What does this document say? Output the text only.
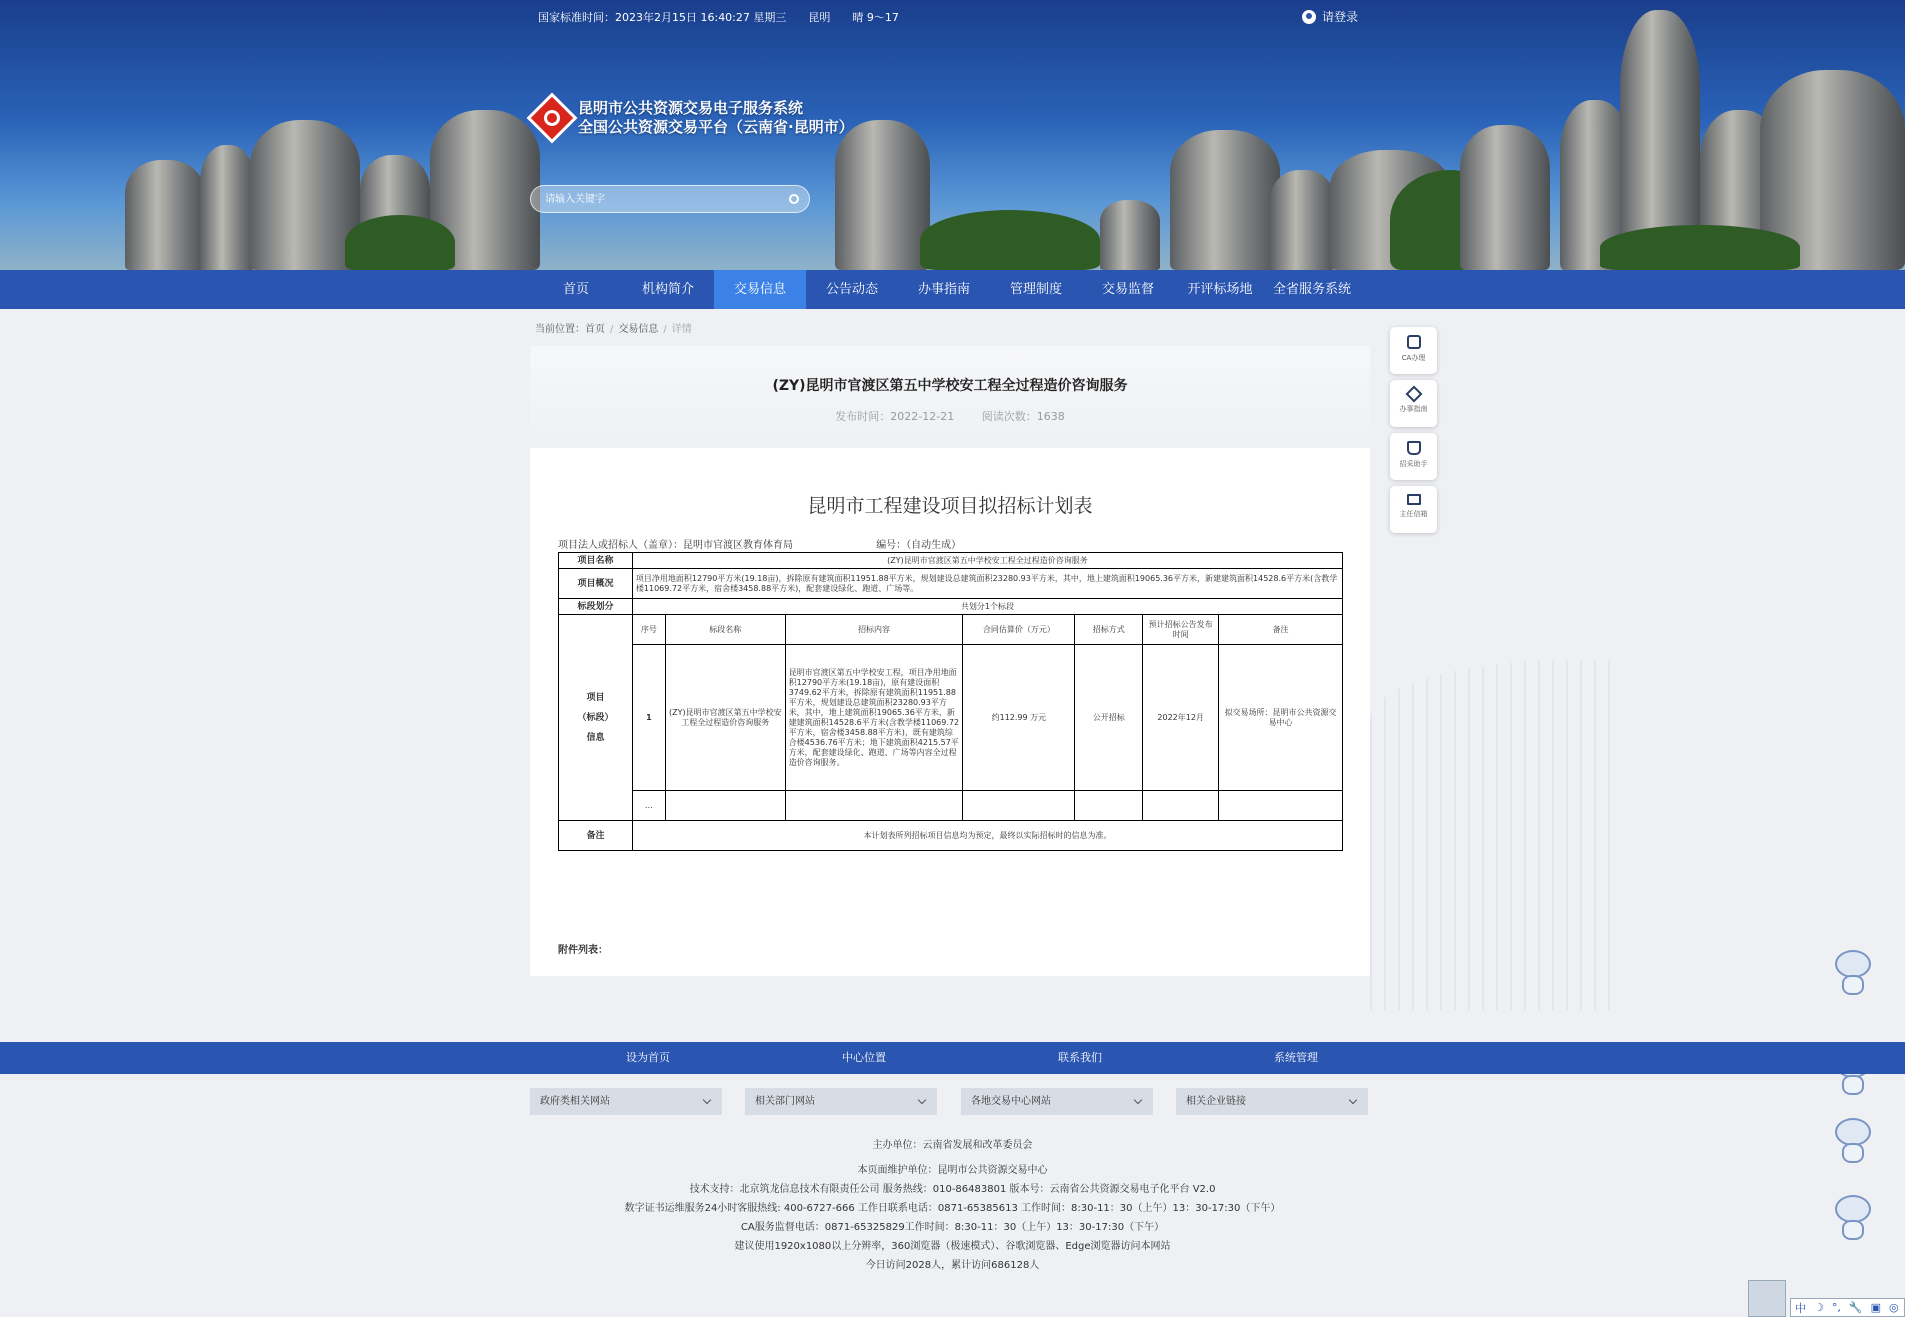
国家标准时间：2023年2月15日 16:40:27 星期三 昆明 晴 9～17	请登录
昆明市公共资源交易电子服务系统
全国公共资源交易平台（云南省·昆明市）
请输入关键字
首页	机构简介	交易信息	公告动态	办事指南	管理制度	交易监督	开评标场地	全省服务系统
当前位置：首页 / 交易信息 / 详情
(ZY)昆明市官渡区第五中学校安工程全过程造价咨询服务
发布时间：2022-12-21	阅读次数：1638
昆明市工程建设项目拟招标计划表
项目法人或招标人（盖章）：昆明市官渡区教育体育局	编号：（自动生成）
项目名称	(ZY)昆明市官渡区第五中学校安工程全过程造价咨询服务						
项目概况	项目净用地面积12790平方米(19.18亩)，拆除原有建筑面积11951.88平方米，规划建设总建筑面积23280.93平方米，其中，地上建筑面积19065.36平方米，新建建筑面积14528.6平方米(含教学楼11069.72平方米，宿舍楼3458.88平方米)，配套建设绿化、跑道、广场等。						
标段划分	共划分1个标段						

项目

（标段）

信息	序号	标段名称	招标内容	合同估算价（万元）	招标方式	预计招标公告发布时间	备注
	1	(ZY)昆明市官渡区第五中学校安工程全过程造价咨询服务	昆明市官渡区第五中学校安工程，项目净用地面积12790平方米(19.18亩)，原有建设面积3749.62平方米，拆除原有建筑面积11951.88平方米，规划建设总建筑面积23280.93平方米，其中，地上建筑面积19065.36平方米，新建建筑面积14528.6平方米(含教学楼11069.72平方米，宿舍楼3458.88平方米)，既有建筑综合楼4536.76平方米；地下建筑面积4215.57平方米，配套建设绿化、跑道、广场等内容全过程造价咨询服务。	约112.99 万元	公开招标	2022年12月	拟交易场所：昆明市公共资源交易中心
	…						
备注	本计划表所列招标项目信息均为预定，最终以实际招标时的信息为准。						
附件列表：
CA办理
办事指南
招采助手
主任信箱
设为首页	中心位置	联系我们	系统管理
政府类相关网站	相关部门网站	各地交易中心网站	相关企业链接

主办单位：云南省发展和改革委员会

本页面维护单位：昆明市公共资源交易中心

技术支持：北京筑龙信息技术有限责任公司 服务热线：010-86483801 版本号：云南省公共资源交易电子化平台 V2.0

数字证书运维服务24小时客服热线: 400-6727-666 工作日联系电话：0871-65385613 工作时间：8:30-11：30（上午）13：30-17:30（下午）

CA服务监督电话：0871-65325829工作时间：8:30-11：30（上午）13：30-17:30（下午）

建议使用1920x1080以上分辨率，360浏览器（极速模式）、谷歌浏览器、Edge浏览器访问本网站

今日访问2028人，累计访问686128人

中 ☽ °, 🔧 ▣ ◎
